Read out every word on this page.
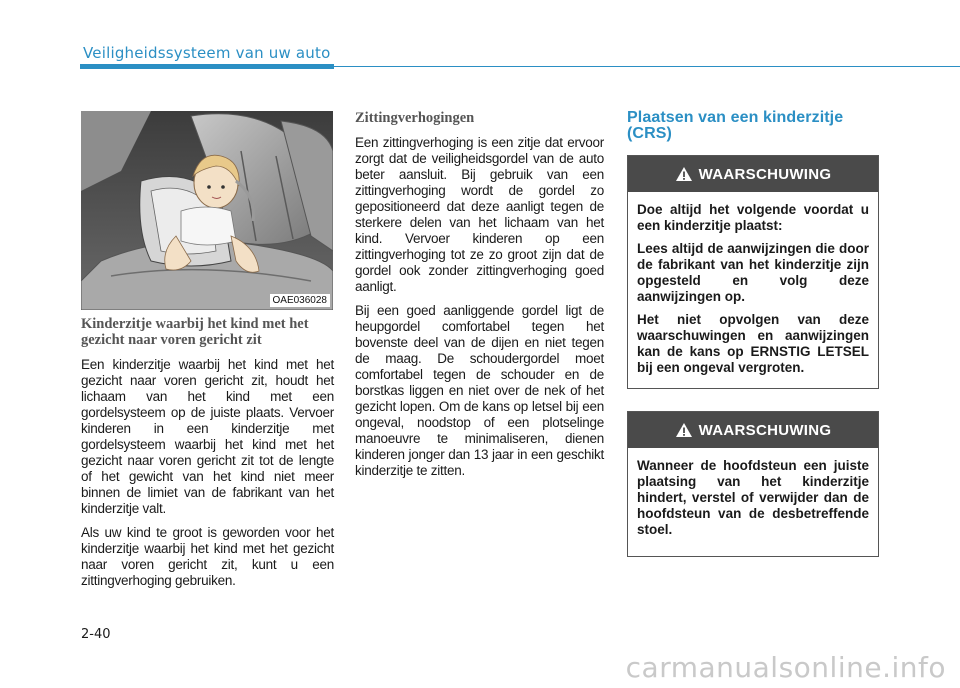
Veiligheidssysteem van uw auto
OAE036028
Kinderzitje waarbij het kind met het gezicht naar voren gericht zit

Een kinderzitje waarbij het kind met het gezicht naar voren gericht zit, houdt het lichaam van het kind met een gordelsysteem op de juiste plaats. Vervoer kinderen in een kinderzitje met gordelsysteem waarbij het kind met het gezicht naar voren gericht zit tot de lengte of het gewicht van het kind niet meer binnen de limiet van de fabrikant van het kinderzitje valt.

Als uw kind te groot is geworden voor het kinderzitje waarbij het kind met het gezicht naar voren gericht zit, kunt u een zittingverhoging gebruiken.

Zittingverhogingen

Een zittingverhoging is een zitje dat ervoor zorgt dat de veiligheidsgordel van de auto beter aansluit. Bij gebruik van een zittingverhoging wordt de gordel zo gepositioneerd dat deze aanligt tegen de sterkere delen van het lichaam van het kind. Vervoer kinderen op een zittingverhoging tot ze zo groot zijn dat de gordel ook zonder zittingverhoging goed aanligt.

Bij een goed aanliggende gordel ligt de heupgordel comfortabel tegen het bovenste deel van de dijen en niet tegen de maag. De schoudergordel moet comfortabel tegen de schouder en de borstkas liggen en niet over de nek of het gezicht lopen. Om de kans op letsel bij een ongeval, noodstop of een plotselinge manoeuvre te minimaliseren, dienen kinderen jonger dan 13 jaar in een geschikt kinderzitje te zitten.

Plaatsen van een kinderzitje (CRS)
WAARSCHUWING

Doe altijd het volgende voordat u een kinderzitje plaatst:

Lees altijd de aanwijzingen die door de fabrikant van het kinderzitje zijn opgesteld en volg deze aanwijzingen op.

Het niet opvolgen van deze waarschuwingen en aanwijzingen kan de kans op ERNSTIG LETSEL bij een ongeval vergroten.

WAARSCHUWING

Wanneer de hoofdsteun een juiste plaatsing van het kinderzitje hindert, verstel of verwijder dan de hoofdsteun van de desbetreffende stoel.

2-40
carmanualsonline.info
